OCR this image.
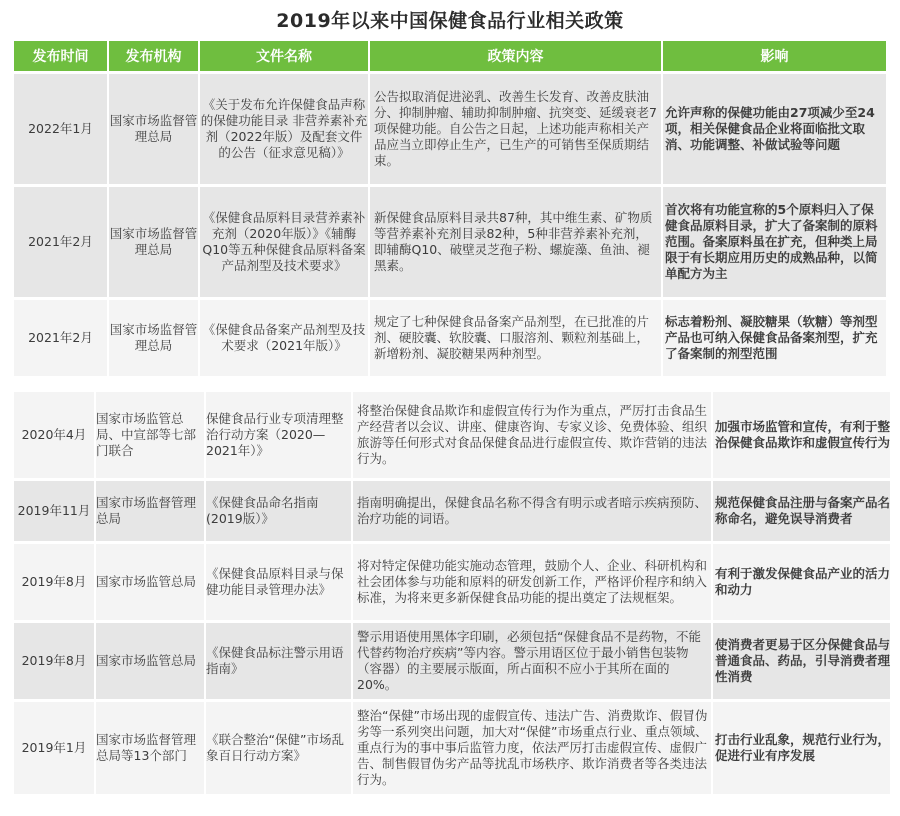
2019年以来中国保健食品行业相关政策
发布时间	发布机构	文件名称	政策内容	影响
2022年1月	国家市场监督管理总局	《关于发布允许保健食品声称的保健功能目录 非营养素补充剂（2022年版）及配套文件的公告（征求意见稿）》	公告拟取消促进泌乳、改善生长发育、改善皮肤油分、抑制肿瘤、辅助抑制肿瘤、抗突变、延缓衰老7项保健功能。自公告之日起，上述功能声称相关产品应当立即停止生产，已生产的可销售至保质期结束。	允许声称的保健功能由27项减少至24项，相关保健食品企业将面临批文取消、功能调整、补做试验等问题
2021年2月	国家市场监督管理总局	《保健食品原料目录营养素补充剂（2020年版）》《辅酶Q10等五种保健食品原料备案产品剂型及技术要求》	新保健食品原料目录共87种，其中维生素、矿物质等营养素补充剂目录82种，5种非营养素补充剂，即辅酶Q10、破壁灵芝孢子粉、螺旋藻、鱼油、褪黑素。	首次将有功能宣称的5个原料归入了保健食品原料目录，扩大了备案制的原料范围。备案原料虽在扩充，但种类上局限于有长期应用历史的成熟品种，以简单配方为主
2021年2月	国家市场监督管理总局	《保健食品备案产品剂型及技术要求（2021年版）》	规定了七种保健食品备案产品剂型，在已批准的片剂、硬胶囊、软胶囊、口服溶剂、颗粒剂基础上，新增粉剂、凝胶糖果两种剂型。	标志着粉剂、凝胶糖果（软糖）等剂型产品也可纳入保健食品备案剂型，扩充了备案制的剂型范围
2020年4月	国家市场监管总局、中宣部等七部门联合	保健食品行业专项清理整治行动方案（2020—2021年）》	将整治保健食品欺诈和虚假宣传行为作为重点，严厉打击食品生产经营者以会议、讲座、健康咨询、专家义诊、免费体验、组织旅游等任何形式对食品保健食品进行虚假宣传、欺诈营销的违法行为。	加强市场监管和宣传，有利于整治保健食品欺诈和虚假宣传行为
2019年11月	国家市场监督管理总局	《保健食品命名指南(2019版）》	指南明确提出，保健食品名称不得含有明示或者暗示疾病预防、治疗功能的词语。	规范保健食品注册与备案产品名称命名，避免误导消费者
2019年8月	国家市场监管总局	《保健食品原料目录与保健功能目录管理办法》	将对特定保健功能实施动态管理，鼓励个人、企业、科研机构和社会团体参与功能和原料的研发创新工作，严格评价程序和纳入标准，为将来更多新保健食品功能的提出奠定了法规框架。	有利于激发保健食品产业的活力和动力
2019年8月	国家市场监管总局	《保健食品标注警示用语指南》	警示用语使用黑体字印刷，必须包括“保健食品不是药物，不能代替药物治疗疾病”等内容。警示用语区位于最小销售包装物（容器）的主要展示版面，所占面积不应小于其所在面的20%。	使消费者更易于区分保健食品与普通食品、药品，引导消费者理性消费
2019年1月	国家市场监督管理总局等13个部门	《联合整治“保健”市场乱象百日行动方案》	整治“保健”市场出现的虚假宣传、违法广告、消费欺诈、假冒伪劣等一系列突出问题，加大对“保健”市场重点行业、重点领域、重点行为的事中事后监管力度，依法严厉打击虚假宣传、虚假广告、制售假冒伪劣产品等扰乱市场秩序、欺诈消费者等各类违法行为。	打击行业乱象，规范行业行为，促进行业有序发展
